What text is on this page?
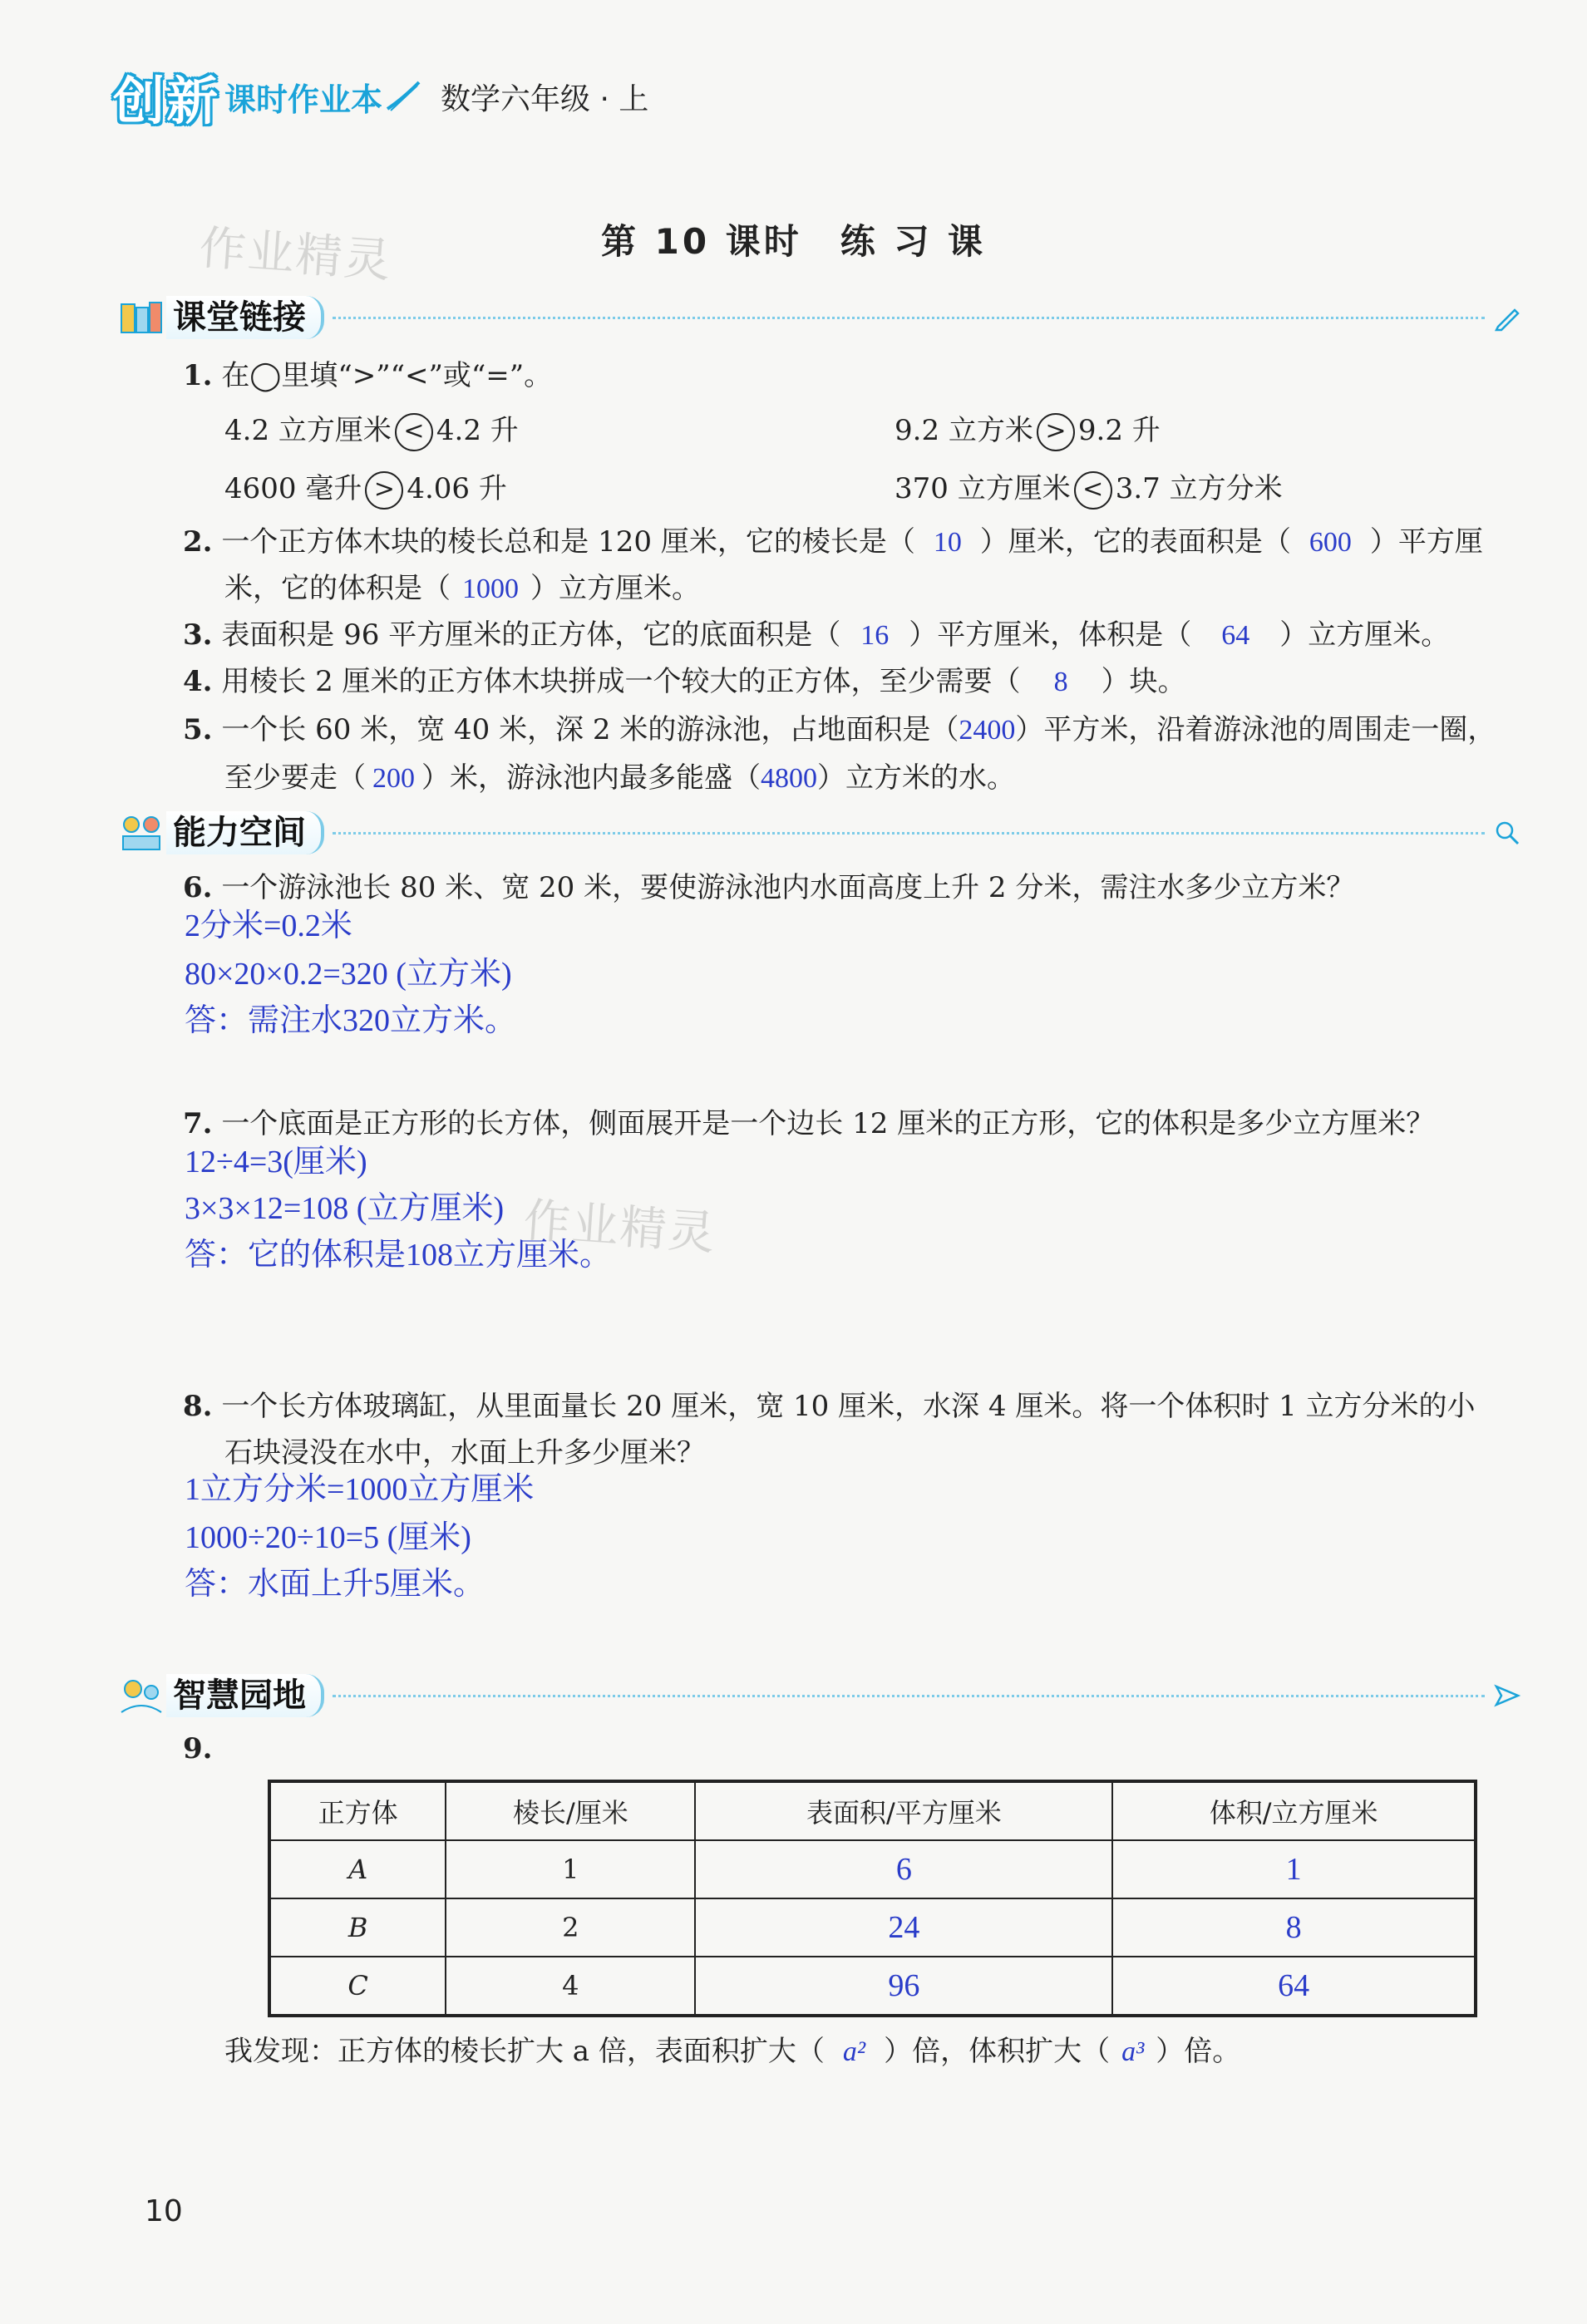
创新 课时作业本 数学六年级 · 上
第 10 课时　练 习 课
作业精灵
作业精灵
课堂链接
1. 在◯里填“>”“<”或“=”。
4.2 立方厘米 < 4.2 升	9.2 立方米 > 9.2 升
4600 毫升 > 4.06 升	370 立方厘米 < 3.7 立方分米
2. 一个正方体木块的棱长总和是 120 厘米，它的棱长是（ 10 ）厘米，它的表面积是（ 600 ）平方厘
米，它的体积是（ 1000 ）立方厘米。
3. 表面积是 96 平方厘米的正方体，它的底面积是（ 16 ）平方厘米，体积是（ 64 ）立方厘米。
4. 用棱长 2 厘米的正方体木块拼成一个较大的正方体，至少需要（ 8 ）块。
5. 一个长 60 米，宽 40 米，深 2 米的游泳池，占地面积是（2400）平方米，沿着游泳池的周围走一圈，
至少要走（ 200 ）米，游泳池内最多能盛（4800）立方米的水。
能力空间
6. 一个游泳池长 80 米、宽 20 米，要使游泳池内水面高度上升 2 分米，需注水多少立方米？
2分米=0.2米
80×20×0.2=320 (立方米)
答：需注水320立方米。
7. 一个底面是正方形的长方体，侧面展开是一个边长 12 厘米的正方形，它的体积是多少立方厘米？
12÷4=3(厘米)
3×3×12=108 (立方厘米)
答：它的体积是108立方厘米。
8. 一个长方体玻璃缸，从里面量长 20 厘米，宽 10 厘米，水深 4 厘米。将一个体积时 1 立方分米的小
石块浸没在水中，水面上升多少厘米？
1立方分米=1000立方厘米
1000÷20÷10=5 (厘米)
答：水面上升5厘米。
智慧园地
9.
正方体	棱长/厘米	表面积/平方厘米	体积/立方厘米
A	1	6	1
B	2	24	8
C	4	96	64
我发现：正方体的棱长扩大 a 倍，表面积扩大（ a² ）倍，体积扩大（ a³ ）倍。
10
